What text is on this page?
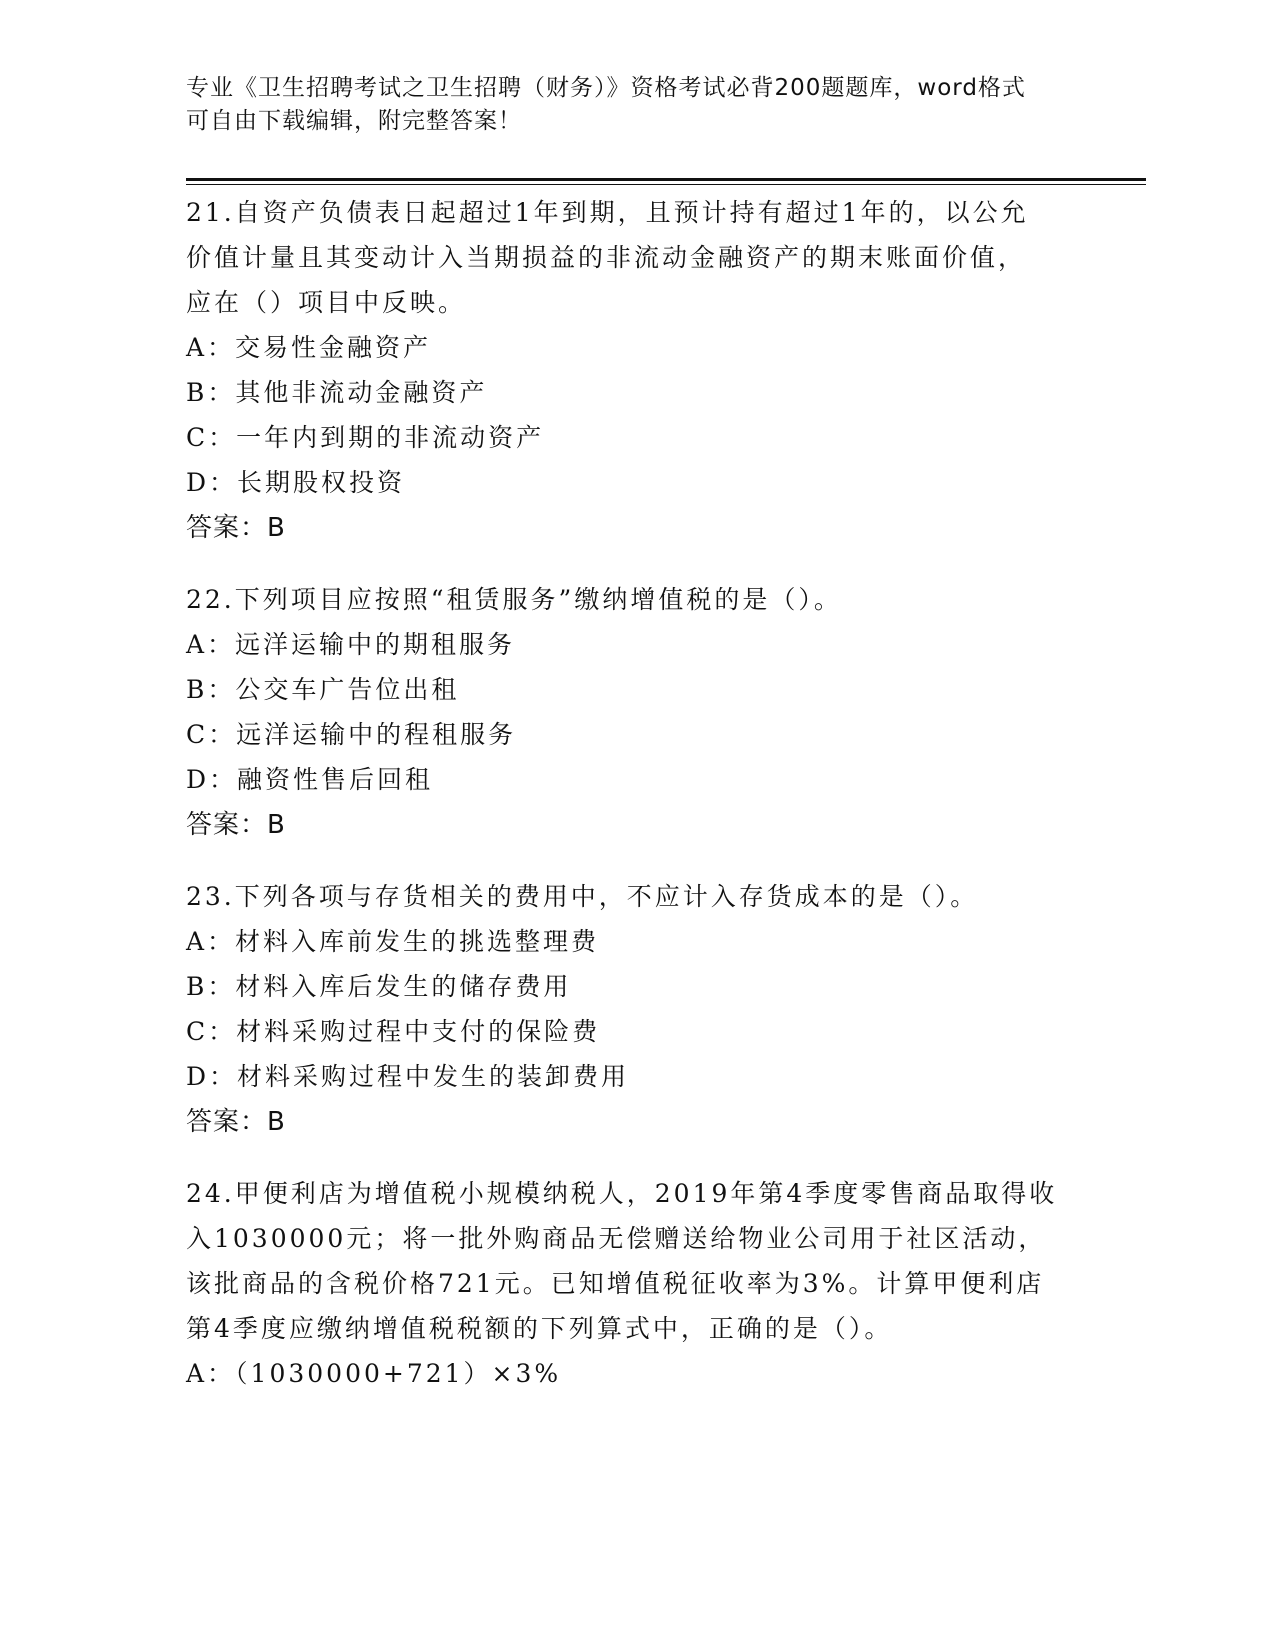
专业《卫生招聘考试之卫生招聘（财务）》资格考试必背200题题库，word格式
可自由下载编辑，附完整答案！

21.自资产负债表日起超过1年到期，且预计持有超过1年的，以公允

价值计量且其变动计入当期损益的非流动金融资产的期末账面价值，

应在（）项目中反映。

A：交易性金融资产

B：其他非流动金融资产

C：一年内到期的非流动资产

D：长期股权投资

答案：B

22.下列项目应按照“租赁服务”缴纳增值税的是（）。

A：远洋运输中的期租服务

B：公交车广告位出租

C：远洋运输中的程租服务

D：融资性售后回租

答案：B

23.下列各项与存货相关的费用中，不应计入存货成本的是（）。

A：材料入库前发生的挑选整理费

B：材料入库后发生的储存费用

C：材料采购过程中支付的保险费

D：材料采购过程中发生的装卸费用

答案：B

24.甲便利店为增值税小规模纳税人，2019年第4季度零售商品取得收

入1030000元；将一批外购商品无偿赠送给物业公司用于社区活动，

该批商品的含税价格721元。已知增值税征收率为3%。计算甲便利店

第4季度应缴纳增值税税额的下列算式中，正确的是（）。

A：（1030000+721）×3%
